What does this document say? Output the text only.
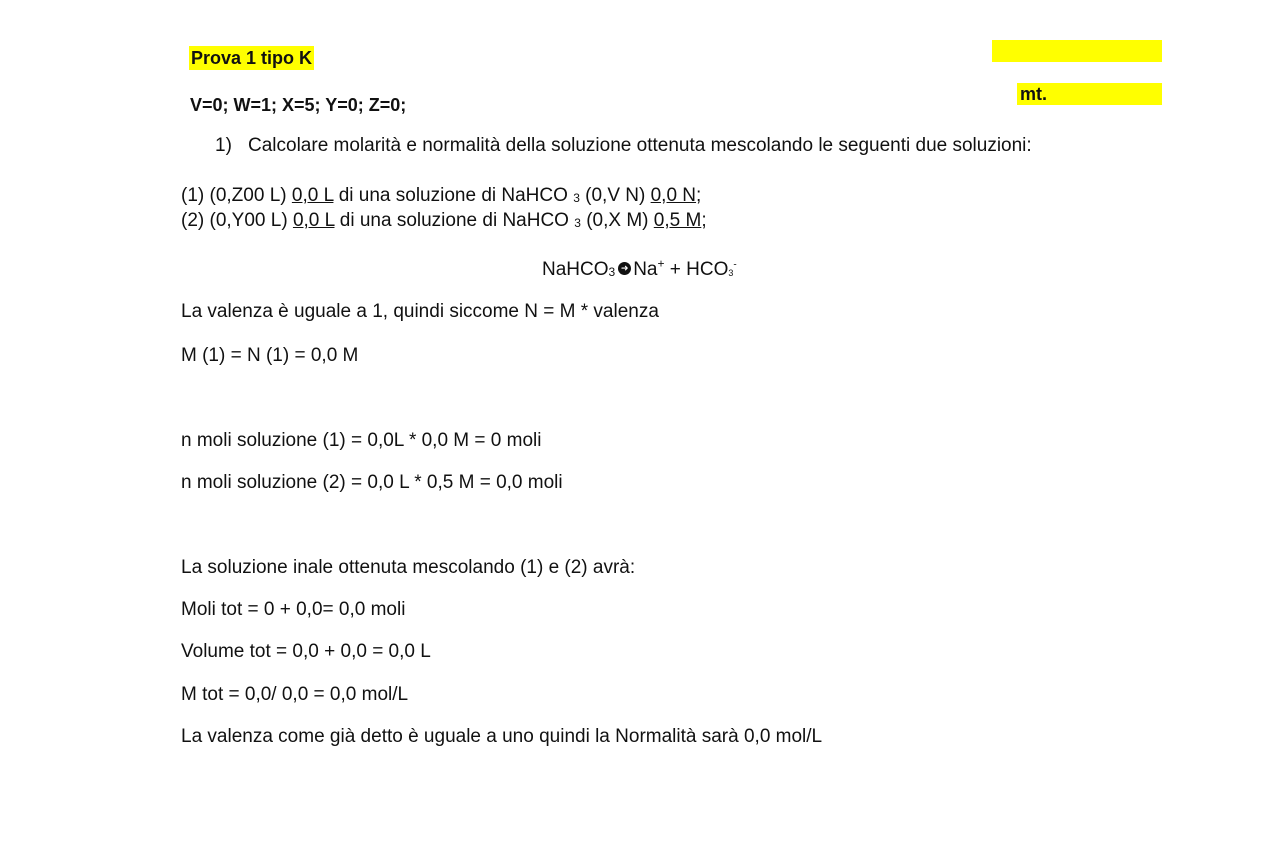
Prova 1 tipo K
mt.
V=0; W=1; X=5; Y=0; Z=0;
1) Calcolare molarità e normalità della soluzione ottenuta mescolando le seguenti due soluzioni:
(1) (0,Z00 L) 0,0 L di una soluzione di NaHCO $_3$ (0,V N) 0,0 N;
(2) (0,Y00 L) 0,0 L di una soluzione di NaHCO $_3$ (0,X M) 0,5 M;
NaHCO$_3$ ➜ $Na^+ + HCO_3^-$
La valenza è uguale a 1, quindi siccome N = M * valenza
M (1) = N (1) = 0,0 M
n moli soluzione (1) = 0,0L * 0,0 M = 0 moli
n moli soluzione (2) = 0,0 L * 0,5 M = 0,0 moli
La soluzione inale ottenuta mescolando (1) e (2) avrà:
Moli tot = 0 + 0,0= 0,0 moli
Volume tot = 0,0 + 0,0 = 0,0 L
M tot = 0,0/ 0,0 = 0,0 mol/L
La valenza come già detto è uguale a uno quindi la Normalità sarà 0,0 mol/L
